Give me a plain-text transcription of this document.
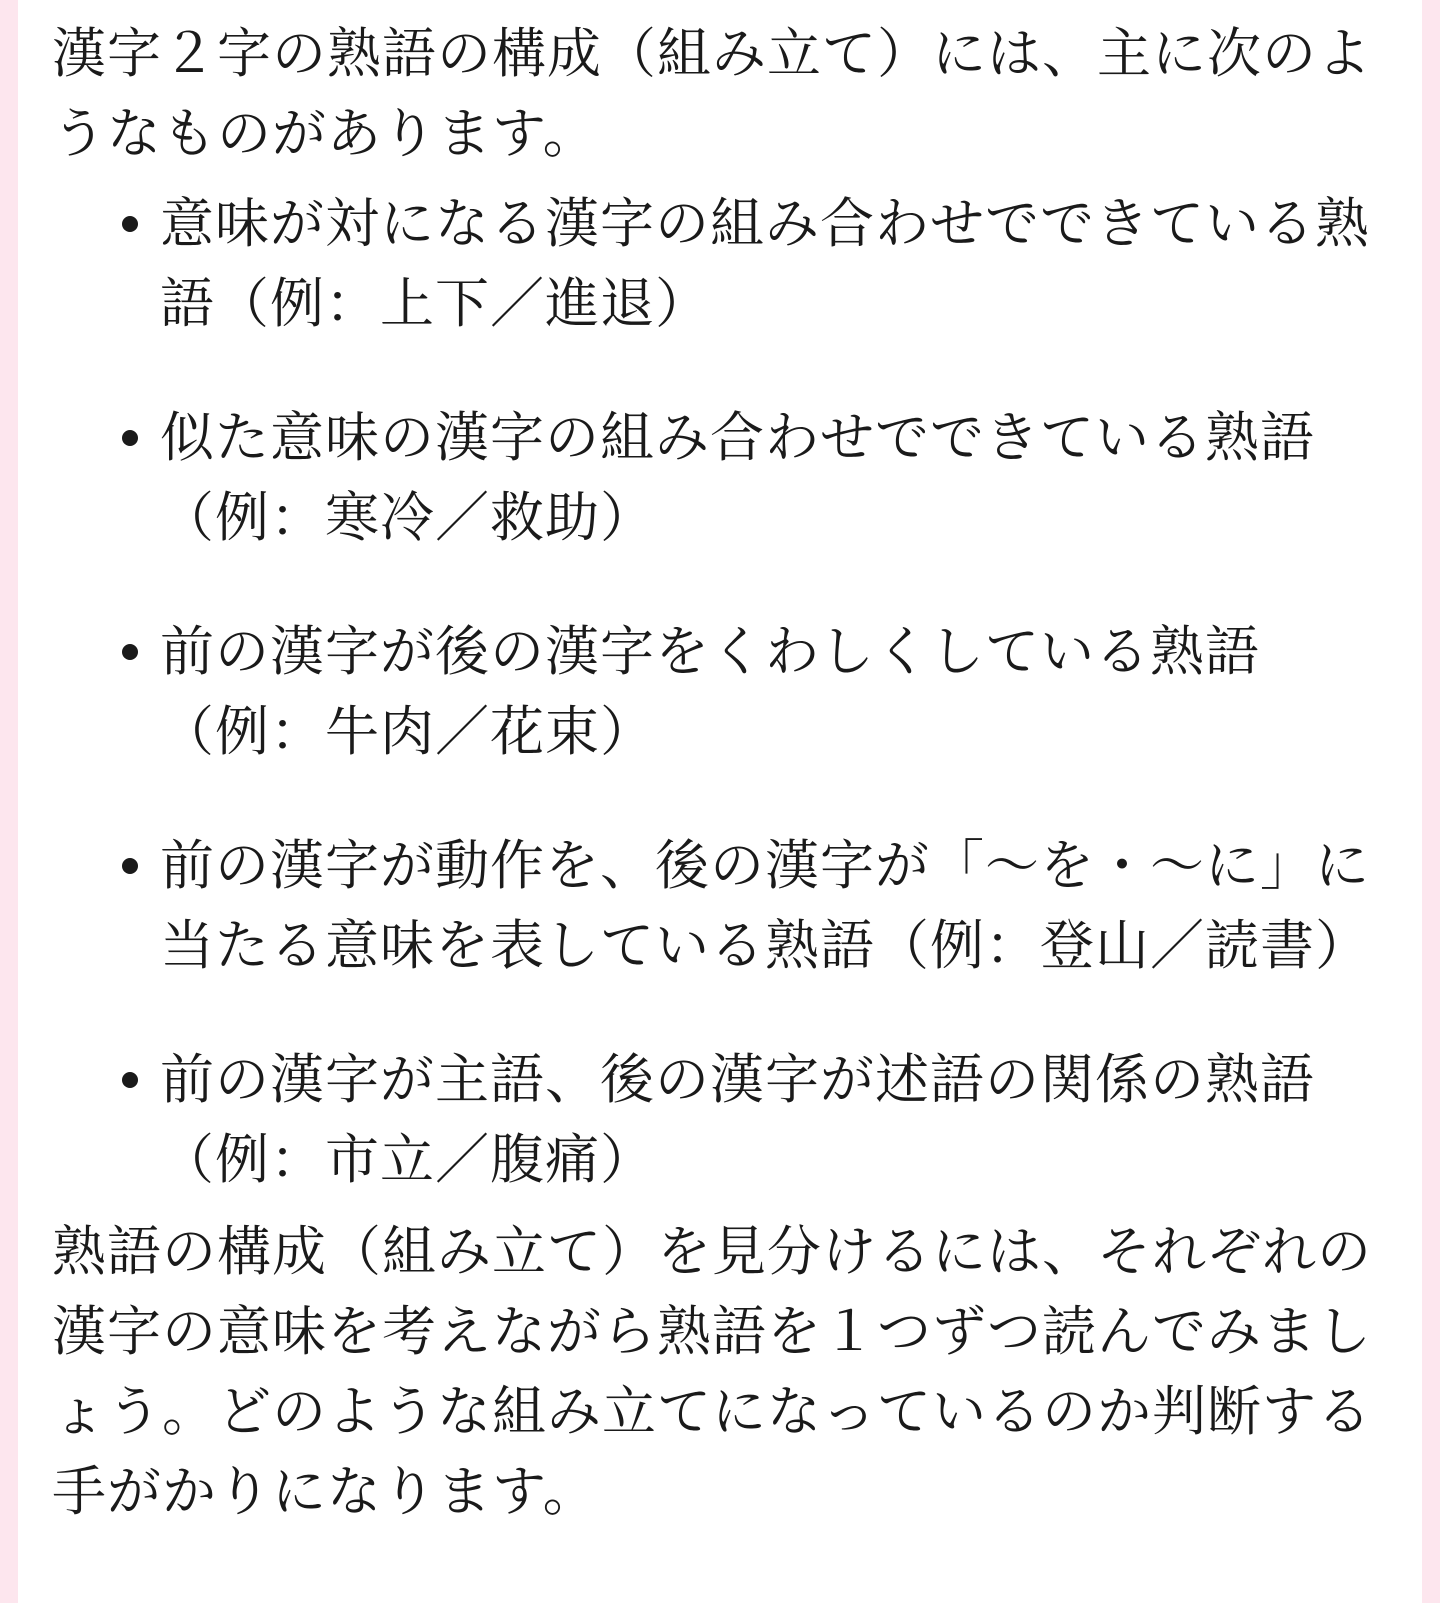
漢字２字の熟語の構成（組み立て）には、主に次のようなものがあります。

意味が対になる漢字の組み合わせでできている熟語（例：上下／進退）
似た意味の漢字の組み合わせでできている熟語（例：寒冷／救助）
前の漢字が後の漢字をくわしくしている熟語（例：牛肉／花束）
前の漢字が動作を、後の漢字が「〜を・〜に」に当たる意味を表している熟語（例：登山／読書）
前の漢字が主語、後の漢字が述語の関係の熟語（例：市立／腹痛）

熟語の構成（組み立て）を見分けるには、それぞれの漢字の意味を考えながら熟語を１つずつ読んでみましょう。どのような組み立てになっているのか判断する手がかりになります。
